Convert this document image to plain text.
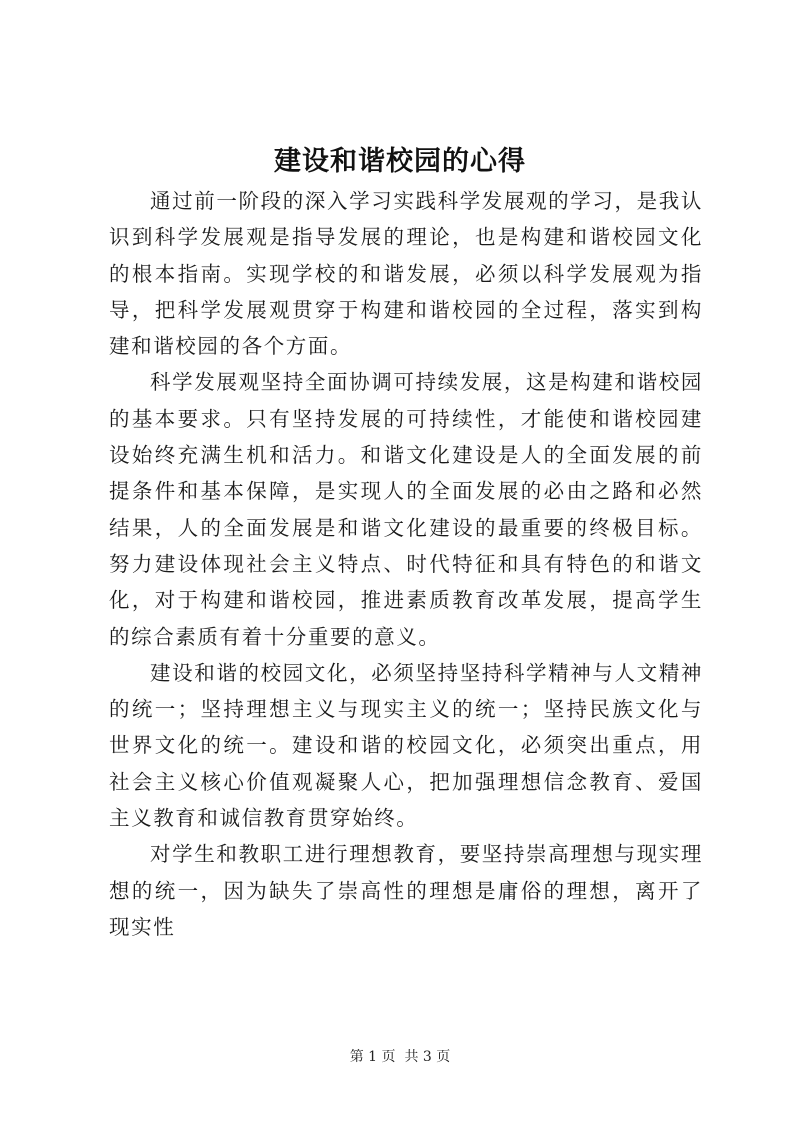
建设和谐校园的心得

通过前一阶段的深入学习实践科学发展观的学习，是我认识到科学发展观是指导发展的理论，也是构建和谐校园文化的根本指南。实现学校的和谐发展，必须以科学发展观为指导，把科学发展观贯穿于构建和谐校园的全过程，落实到构建和谐校园的各个方面。

科学发展观坚持全面协调可持续发展，这是构建和谐校园的基本要求。只有坚持发展的可持续性，才能使和谐校园建设始终充满生机和活力。和谐文化建设是人的全面发展的前提条件和基本保障，是实现人的全面发展的必由之路和必然结果，人的全面发展是和谐文化建设的最重要的终极目标。努力建设体现社会主义特点、时代特征和具有特色的和谐文化，对于构建和谐校园，推进素质教育改革发展，提高学生的综合素质有着十分重要的意义。

建设和谐的校园文化，必须坚持坚持科学精神与人文精神的统一；坚持理想主义与现实主义的统一；坚持民族文化与世界文化的统一。建设和谐的校园文化，必须突出重点，用社会主义核心价值观凝聚人心，把加强理想信念教育、爱国主义教育和诚信教育贯穿始终。

对学生和教职工进行理想教育，要坚持崇高理想与现实理想的统一，因为缺失了崇高性的理想是庸俗的理想，离开了现实性

第 1 页  共 3 页
